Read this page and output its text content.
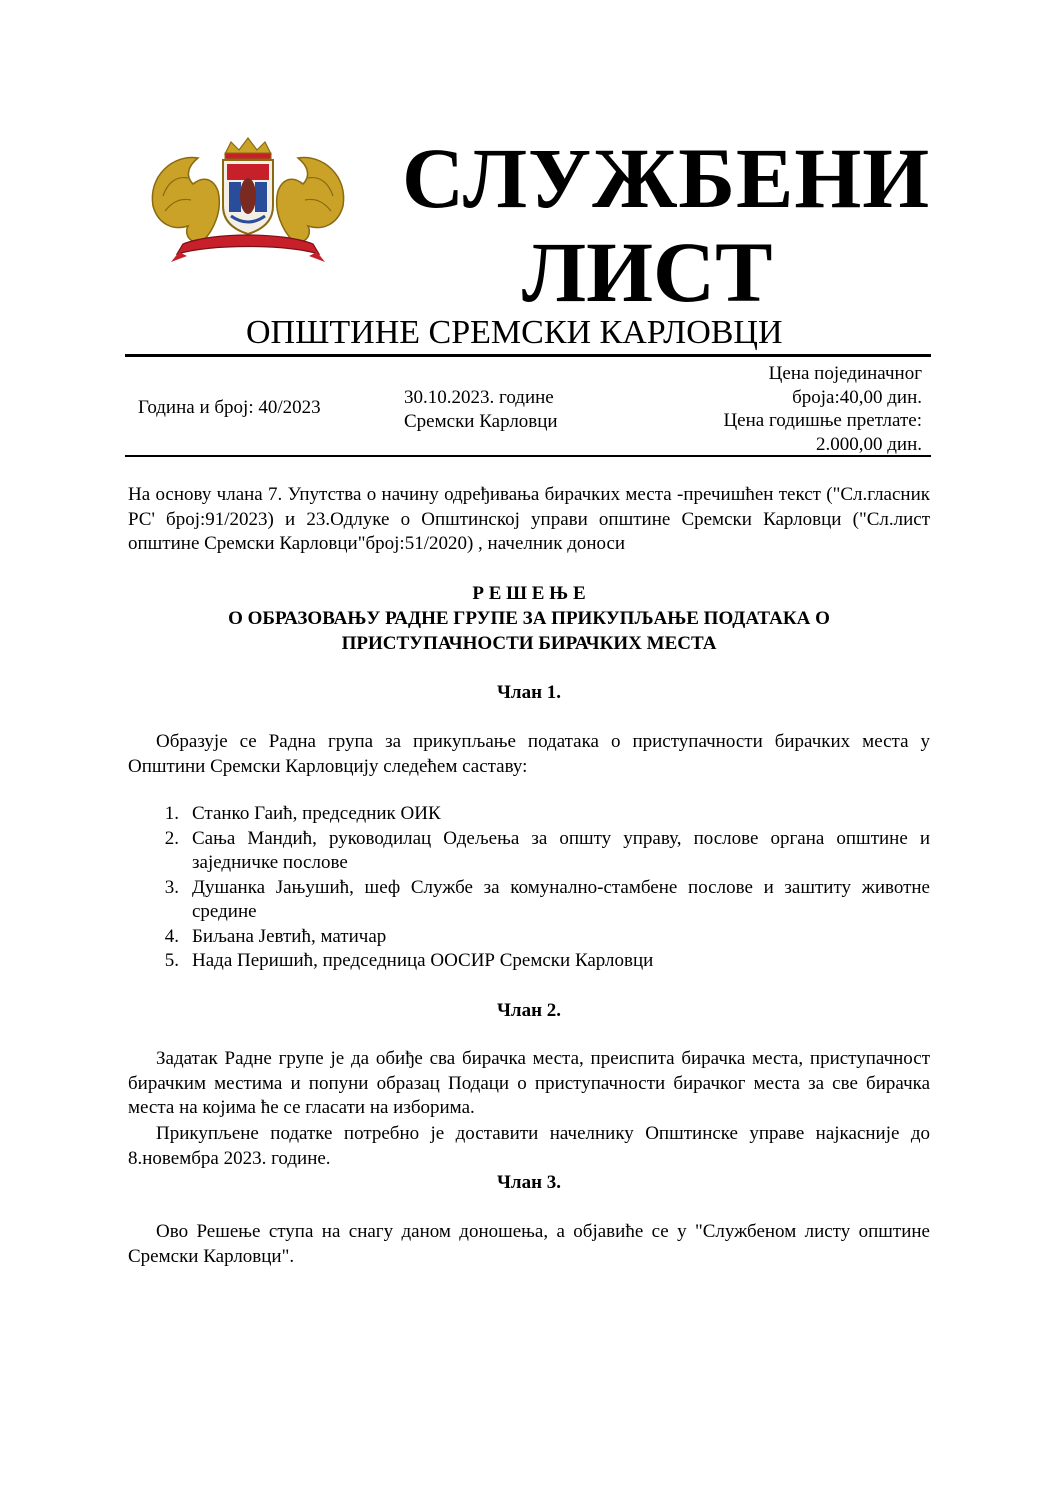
СЛУЖБЕНИ
ЛИСТ
ОПШТИНЕ СРЕМСКИ КАРЛОВЦИ
Година и број: 40/2023	30.10.2023. године
Сремски Карловци
Цена појединачног
броја:40,00 дин.
Цена годишње претлате:
2.000,00 дин.
На основу члана 7. Упутства о начину одређивања бирачких места -пречишћен текст ("Сл.гласник РС' број:91/2023) и 23.Одлуке о Општинској управи општине Сремски Карловци ("Сл.лист општине Сремски Карловци"број:51/2020) , начелник доноси
Р Е Ш Е Њ Е
О ОБРАЗОВАЊУ РАДНЕ ГРУПЕ ЗА ПРИКУПЉАЊЕ ПОДАТАКА О
ПРИСТУПАЧНОСТИ БИРАЧКИХ МЕСТА
Члан 1.
Образује се Радна група за прикупљање података о приступачности бирачких места у Општини Сремски Карловцију следећем саставу:
1. Станко Гаић, председник ОИК
2. Сања Мандић, руководилац Одељења за општу управу, послове органа општине и заједничке послове
3. Душанка Јањушић, шеф Службе за комунално-стамбене послове и заштиту животне средине
4. Биљана Јевтић, матичар
5. Нада Перишић, председница ООСИР Сремски Карловци
Члан 2.
Задатак Радне групе је да обиђе сва бирачка места, преиспита бирачка места, приступачност бирачким местима и попуни образац Подаци о приступачности бирачког места за све бирачка места на којима ће се гласати на изборима.
Прикупљене податке потребно је доставити начелнику Општинске управе најкасније до 8.новембра 2023. године.
Члан 3.
Ово Решење ступа на снагу даном доношења, а објавиће се у "Службеном листу општине Сремски Карловци".
